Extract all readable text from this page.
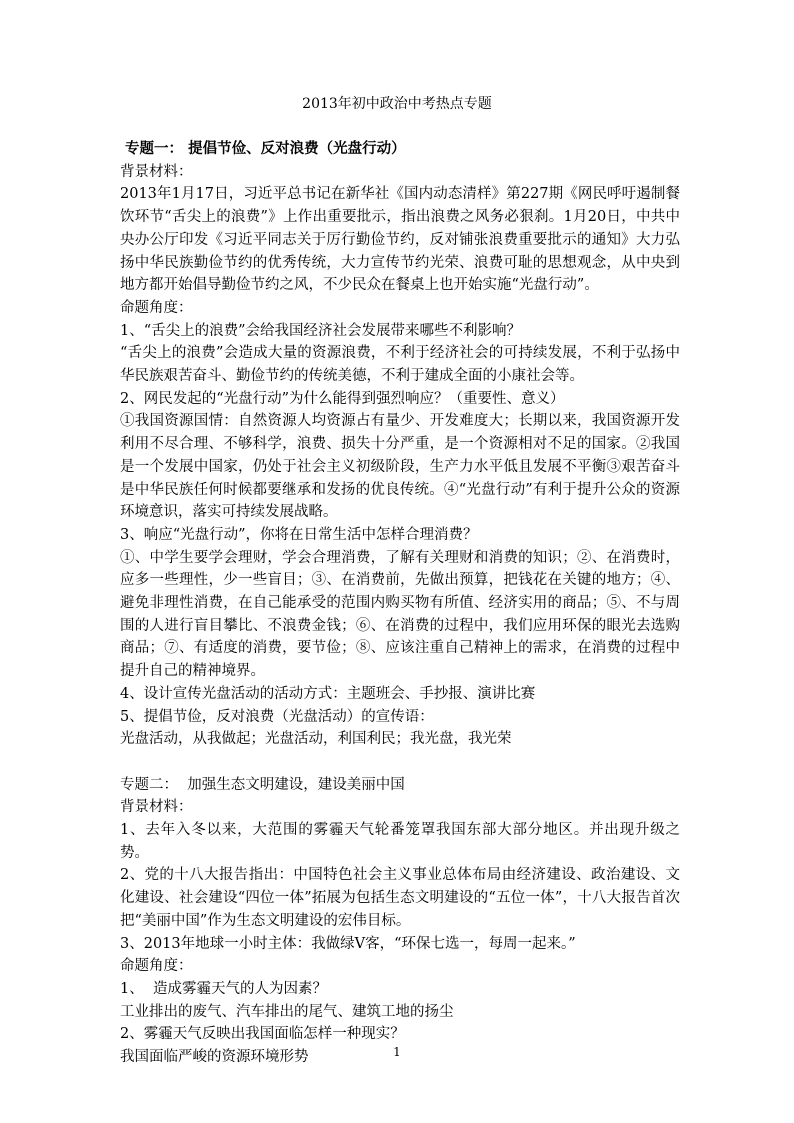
2013年初中政治中考热点专题

专题一： 提倡节俭、反对浪费（光盘行动）

背景材料：

2013年1月17日，习近平总书记在新华社《国内动态清样》第227期《网民呼吁遏制餐饮环节“舌尖上的浪费”》上作出重要批示，指出浪费之风务必狠刹。1月20日，中共中央办公厅印发《习近平同志关于厉行勤俭节约，反对铺张浪费重要批示的通知》大力弘扬中华民族勤俭节约的优秀传统，大力宣传节约光荣、浪费可耻的思想观念，从中央到地方都开始倡导勤俭节约之风，不少民众在餐桌上也开始实施“光盘行动”。

命题角度：

1、“舌尖上的浪费”会给我国经济社会发展带来哪些不利影响？

“舌尖上的浪费”会造成大量的资源浪费，不利于经济社会的可持续发展，不利于弘扬中华民族艰苦奋斗、勤俭节约的传统美德，不利于建成全面的小康社会等。

2、网民发起的“光盘行动”为什么能得到强烈响应？（重要性、意义）

①我国资源国情：自然资源人均资源占有量少、开发难度大；长期以来，我国资源开发利用不尽合理、不够科学，浪费、损失十分严重，是一个资源相对不足的国家。②我国是一个发展中国家，仍处于社会主义初级阶段，生产力水平低且发展不平衡③艰苦奋斗是中华民族任何时候都要继承和发扬的优良传统。④“光盘行动”有利于提升公众的资源环境意识，落实可持续发展战略。

3、响应“光盘行动”，你将在日常生活中怎样合理消费？

①、中学生要学会理财，学会合理消费，了解有关理财和消费的知识；②、在消费时，应多一些理性，少一些盲目；③、在消费前，先做出预算，把钱花在关键的地方；④、避免非理性消费，在自己能承受的范围内购买物有所值、经济实用的商品；⑤、不与周围的人进行盲目攀比、不浪费金钱；⑥、在消费的过程中，我们应用环保的眼光去选购商品；⑦、有适度的消费，要节俭；⑧、应该注重自己精神上的需求，在消费的过程中提升自己的精神境界。

4、设计宣传光盘活动的活动方式：主题班会、手抄报、演讲比赛

5、提倡节俭，反对浪费（光盘活动）的宣传语：

光盘活动，从我做起；光盘活动，利国利民；我光盘，我光荣

专题二：  加强生态文明建设，建设美丽中国

背景材料：

1、去年入冬以来，大范围的雾霾天气轮番笼罩我国东部大部分地区。并出现升级之势。

2、党的十八大报告指出：中国特色社会主义事业总体布局由经济建设、政治建设、文化建设、社会建设“四位一体”拓展为包括生态文明建设的“五位一体”，十八大报告首次把“美丽中国”作为生态文明建设的宏伟目标。

3、2013年地球一小时主体：我做绿V客，“环保七选一，每周一起来。”

命题角度：

1、  造成雾霾天气的人为因素？

工业排出的废气、汽车排出的尾气、建筑工地的扬尘

2、雾霾天气反映出我国面临怎样一种现实？

我国面临严峻的资源环境形势	1
